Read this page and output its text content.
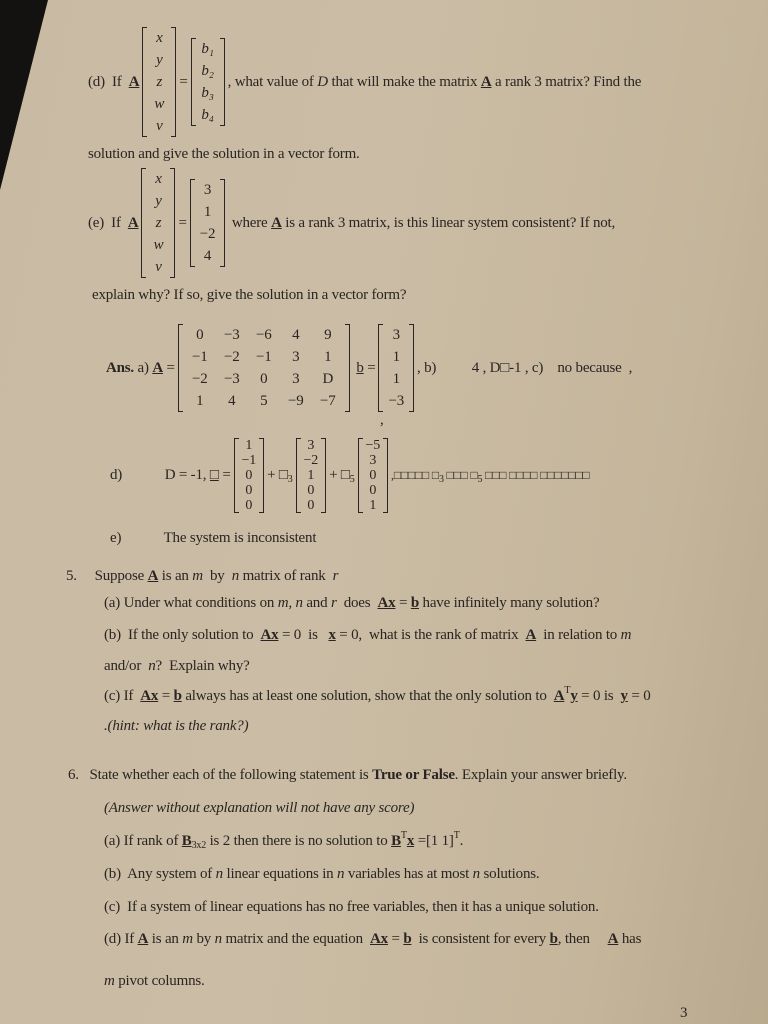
(d)  If A
x
y
z
w
v
=
b₁
b₂
b₃
b₄
, what value of D that will make the matrix A a rank 3 matrix? Find the
solution and give the solution in a vector form.
(e)  If A
x
y
z
w
v
=
3
1
−2
4
where A is a rank 3 matrix, is this linear system consistent? If not,
explain why? If so, give the solution in a vector form?
Ans. a) A =
0	−3	−6	4	9
−1	−2	−1	3	1
−2	−3	0	3	D
1	4	5	−9	−7

b =
3
1
1
−3
, b)          4 , D□-1 , c)    no because  ,
,
d)            D = -1, □ =
1
−1
0
0
0
+ □ 3
3
−2
1
0
0
+ □ 5
−5
3
0
0
1
,□□□□□ □ 3 □□□ □ 5 □□□ □□□□ □□□□□□□
e)            The system is inconsistent
5.     Suppose A is an m by n matrix of rank r
(a) Under what conditions on m, n and r does Ax = b have infinitely many solution?
(b)  If the only solution to Ax = 0  is x = 0,  what is the rank of matrix A in relation to m
and/or n ?  Explain why?
(c) If Ax = b always has at least one solution, show that the only solution to A T y = 0 is y = 0
.(hint: what is the rank?)
6.   State whether each of the following statement is True or False . Explain your answer briefly.
(Answer without explanation will not have any score)
(a) If rank of B 3x2 is 2 then there is no solution to B T x =[1 1] T .
(b)  Any system of n linear equations in n variables has at most n solutions.
(c)  If a system of linear equations has no free variables, then it has a unique solution.
(d) If A is an m by n matrix and the equation Ax = b is consistent for every b , then A has
m pivot columns.
3
